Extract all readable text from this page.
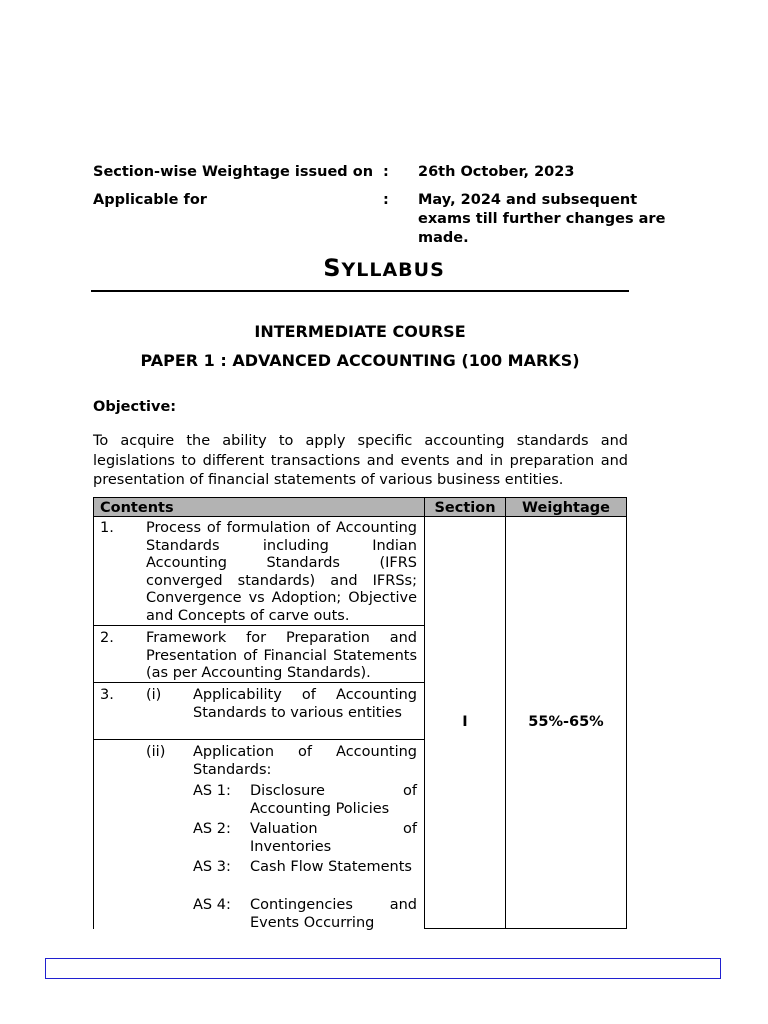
Section-wise Weightage issued on : 26th October, 2023
Applicable for	: May, 2024 and subsequent exams till further changes are made.
SYLLABUS
INTERMEDIATE COURSE
PAPER 1 : ADVANCED ACCOUNTING (100 MARKS)
Objective:
To acquire the ability to apply specific accounting standards and legislations to different transactions and events and in preparation and presentation of financial statements of various business entities.
Contents	Section	Weightage
I	55%-65%
1. Process of formulation of Accounting Standards including Indian Accounting Standards (IFRS converged standards) and IFRSs; Convergence vs Adoption; Objective and Concepts of carve outs.
2. Framework for Preparation and Presentation of Financial Statements (as per Accounting Standards).
3. (i) Applicability of Accounting Standards to various entities
(ii) Application of Accounting Standards:
AS 1: Disclosure of Accounting Policies
AS 2: Valuation of Inventories
AS 3: Cash Flow Statements
AS 4: Contingencies and Events Occurring
